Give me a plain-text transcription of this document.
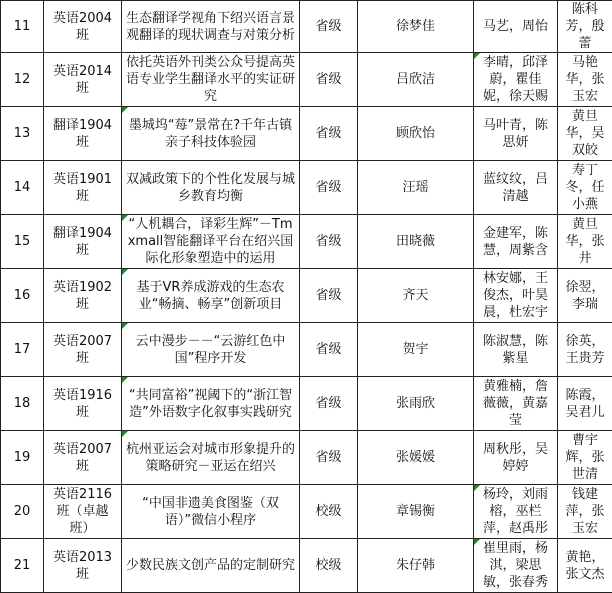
11	英语2004班	生态翻译学视角下绍兴语言景观翻译的现状调查与对策分析	省级	徐梦佳	马艺，周怡	陈科芳，殷蕾
12	英语2014班	依托英语外刊类公众号提高英语专业学生翻译水平的实证研究	省级	吕欣洁	李晴，邱泽蔚，瞿佳妮，徐天赐	马艳华，张玉宏
13	翻译1904班	墨城坞“莓”景常在?千年古镇亲子科技体验园	省级	顾欣怡	马叶青，陈思妍	黄旦华，吴双皎
14	英语1901班	双减政策下的个性化发展与城乡教育均衡	省级	汪瑶	蓝纹纹，吕清越	寿丁冬，任小燕
15	翻译1904班	“人机耦合，译彩生辉”－Tmxmall智能翻译平台在绍兴国际化形象塑造中的运用	省级	田晓薇	金建军，陈慧，周紫含	黄旦华，张井
16	英语1902班	基于VR养成游戏的生态农业“畅摘、畅享”创新项目	省级	齐天	林安娜，王俊杰，叶昊晨，杜宏宇	徐翌，李瑞
17	英语2007班	云中漫步－－“云游红色中国”程序开发	省级	贺宇	陈淑慧，陈紫星	徐英，王贵芳
18	英语1916班	“共同富裕”视阈下的“浙江智造”外语数字化叙事实践研究	省级	张雨欣	黄雅楠，詹薇薇，黄嘉莹	陈霞，吴君儿
19	英语2007班	杭州亚运会对城市形象提升的策略研究－亚运在绍兴	省级	张媛媛	周秋彤，吴婷婷	曹宇辉，张世清
20	英语2116班（卓越班）	“中国非遗美食图鉴（双语）”微信小程序	校级	章锡衡	杨玲，刘雨榕，巫栏萍，赵禹彤	钱建萍，张玉宏
21	英语2013班	少数民族文创产品的定制研究	校级	朱仔韩	崔里雨，杨淇，梁思敏，张春秀	黄艳，张文杰
